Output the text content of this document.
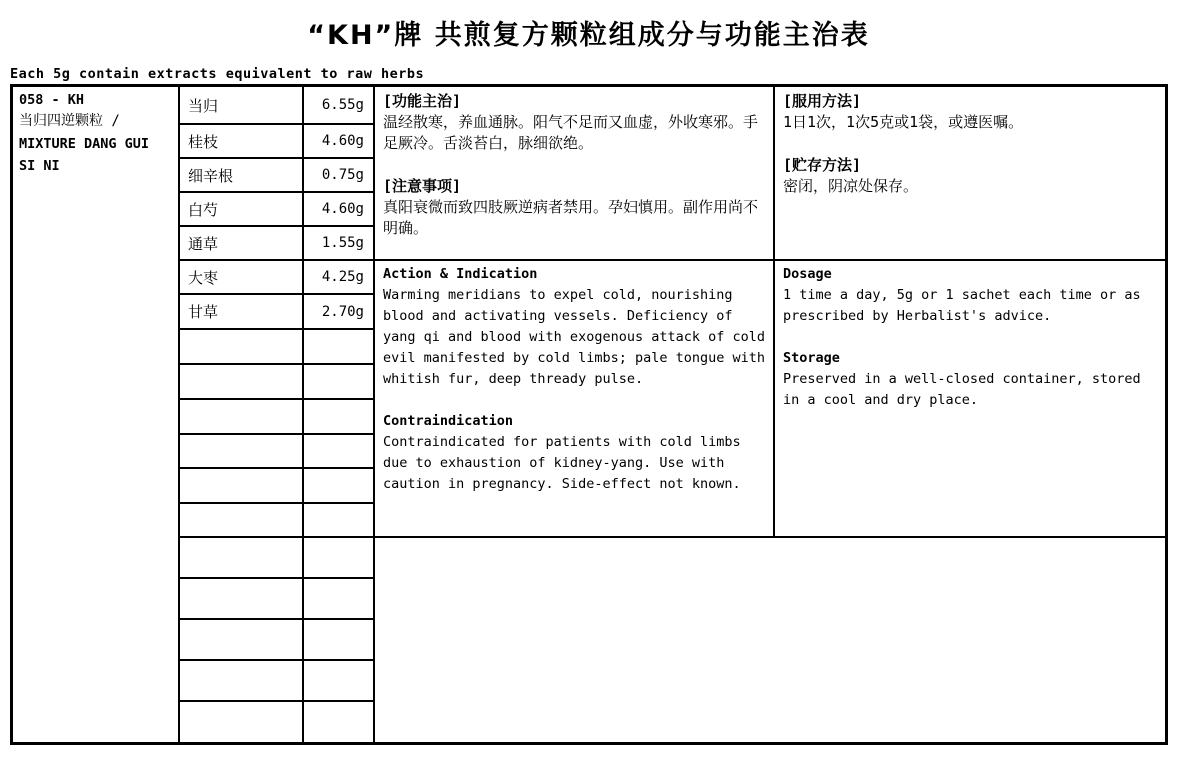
“KH”牌 共煎复方颗粒组成分与功能主治表
Each 5g contain extracts equivalent to raw herbs
058 - KH
当归四逆颗粒 /
MIXTURE DANG GUI SI NI
当归	6.55g
桂枝	4.60g
细辛根	0.75g
白芍	4.60g
通草	1.55g
大枣	4.25g
甘草	2.70g
[功能主治]
温经散寒，养血通脉。阳气不足而又血虚，外收寒邪。手足厥冷。舌淡苔白，脉细欲绝。
[注意事项]
真阳衰微而致四肢厥逆病者禁用。孕妇慎用。副作用尚不明确。
[服用方法]
1日1次，1次5克或1袋，或遵医嘱。
[贮存方法]
密闭，阴凉处保存。
Action & Indication
Warming meridians to expel cold, nourishing blood and activating vessels. Deficiency of yang qi and blood with exogenous attack of cold evil manifested by cold limbs; pale tongue with whitish fur, deep thready pulse.
Contraindication
Contraindicated for patients with cold limbs due to exhaustion of kidney-yang. Use with caution in pregnancy. Side-effect not known.
Dosage
1 time a day, 5g or 1 sachet each time or as prescribed by Herbalist's advice.
Storage
Preserved in a well-closed container, stored in a cool and dry place.
